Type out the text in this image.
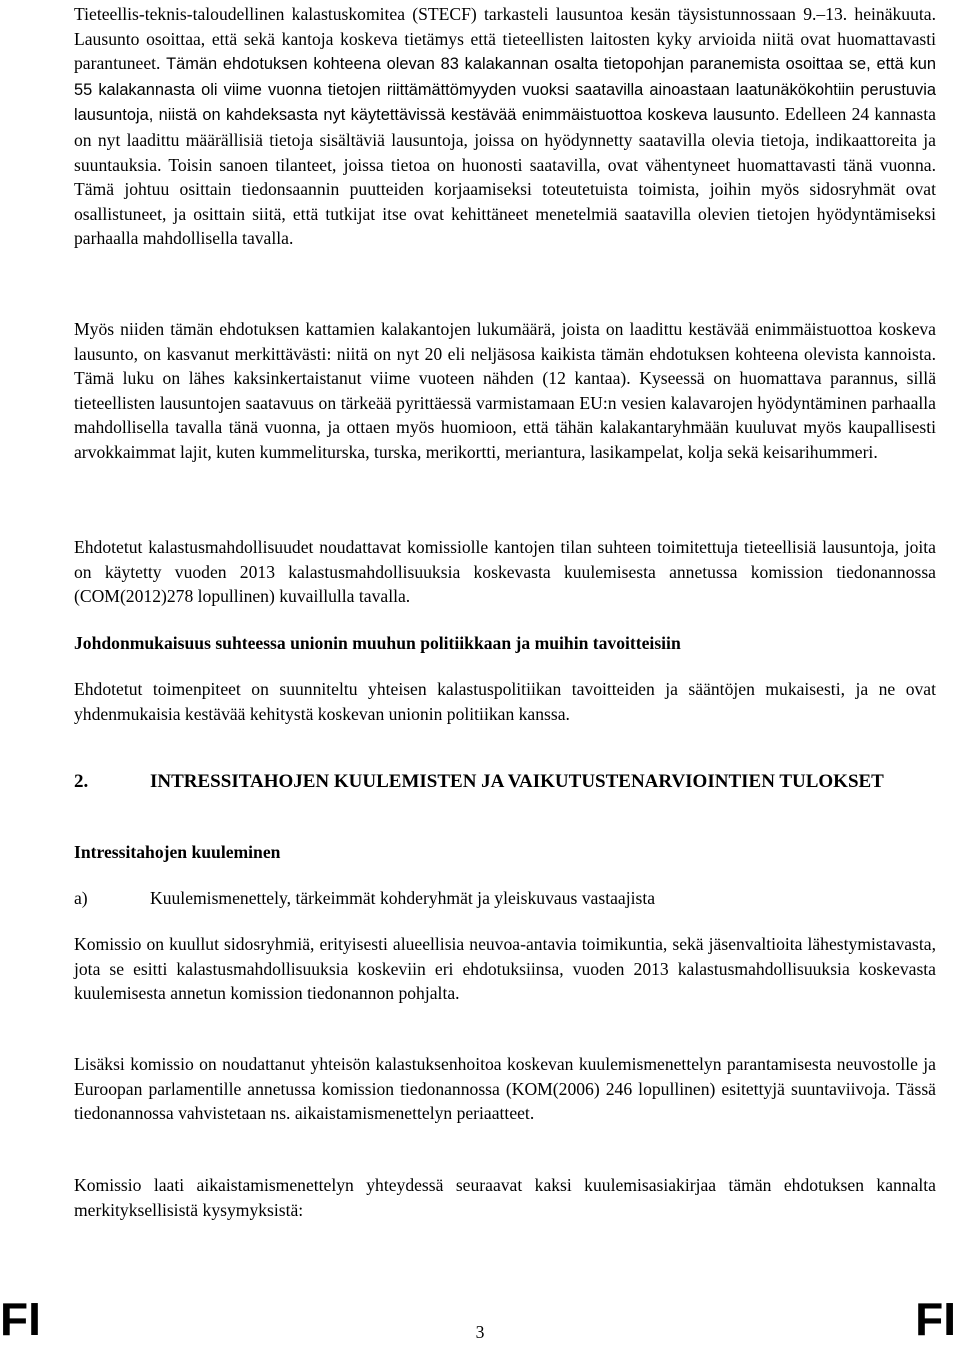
Tieteellis-teknis-taloudellinen kalastuskomitea (STECF) tarkasteli lausuntoa kesän täysistunnossaan 9.–13. heinäkuuta. Lausunto osoittaa, että sekä kantoja koskeva tietämys että tieteellisten laitosten kyky arvioida niitä ovat huomattavasti parantuneet. Tämän ehdotuksen kohteena olevan 83 kalakannan osalta tietopohjan paranemista osoittaa se, että kun 55 kalakannasta oli viime vuonna tietojen riittämättömyyden vuoksi saatavilla ainoastaan laatunäkökohtiin perustuvia lausuntoja, niistä on kahdeksasta nyt käytettävissä kestävää enimmäistuottoa koskeva lausunto. Edelleen 24 kannasta on nyt laadittu määrällisiä tietoja sisältäviä lausuntoja, joissa on hyödynnetty saatavilla olevia tietoja, indikaattoreita ja suuntauksia. Toisin sanoen tilanteet, joissa tietoa on huonosti saatavilla, ovat vähentyneet huomattavasti tänä vuonna. Tämä johtuu osittain tiedonsaannin puutteiden korjaamiseksi toteutetuista toimista, joihin myös sidosryhmät ovat osallistuneet, ja osittain siitä, että tutkijat itse ovat kehittäneet menetelmiä saatavilla olevien tietojen hyödyntämiseksi parhaalla mahdollisella tavalla.

Myös niiden tämän ehdotuksen kattamien kalakantojen lukumäärä, joista on laadittu kestävää enimmäistuottoa koskeva lausunto, on kasvanut merkittävästi: niitä on nyt 20 eli neljäsosa kaikista tämän ehdotuksen kohteena olevista kannoista. Tämä luku on lähes kaksinkertaistanut viime vuoteen nähden (12 kantaa). Kyseessä on huomattava parannus, sillä tieteellisten lausuntojen saatavuus on tärkeää pyrittäessä varmistamaan EU:n vesien kalavarojen hyödyntäminen parhaalla mahdollisella tavalla tänä vuonna, ja ottaen myös huomioon, että tähän kalakantaryhmään kuuluvat myös kaupallisesti arvokkaimmat lajit, kuten kummeliturska, turska, merikortti, meriantura, lasikampelat, kolja sekä keisarihummeri.

Ehdotetut kalastusmahdollisuudet noudattavat komissiolle kantojen tilan suhteen toimitettuja tieteellisiä lausuntoja, joita on käytetty vuoden 2013 kalastusmahdollisuuksia koskevasta kuulemisesta annetussa komission tiedonannossa (COM(2012)278 lopullinen) kuvaillulla tavalla.

Johdonmukaisuus suhteessa unionin muuhun politiikkaan ja muihin tavoitteisiin

Ehdotetut toimenpiteet on suunniteltu yhteisen kalastuspolitiikan tavoitteiden ja sääntöjen mukaisesti, ja ne ovat yhdenmukaisia kestävää kehitystä koskevan unionin politiikan kanssa.

2.	INTRESSITAHOJEN KUULEMISTEN JA VAIKUTUSTENARVIOINTIEN TULOKSET

Intressitahojen kuuleminen

a)	Kuulemismenettely, tärkeimmät kohderyhmät ja yleiskuvaus vastaajista

Komissio on kuullut sidosryhmiä, erityisesti alueellisia neuvoa-antavia toimikuntia, sekä jäsenvaltioita lähestymistavasta, jota se esitti kalastusmahdollisuuksia koskeviin eri ehdotuksiinsa, vuoden 2013 kalastusmahdollisuuksia koskevasta kuulemisesta annetun komission tiedonannon pohjalta.

Lisäksi komissio on noudattanut yhteisön kalastuksenhoitoa koskevan kuulemismenettelyn parantamisesta neuvostolle ja Euroopan parlamentille annetussa komission tiedonannossa (KOM(2006) 246 lopullinen) esitettyjä suuntaviivoja. Tässä tiedonannossa vahvistetaan ns. aikaistamismenettelyn periaatteet.

Komissio laati aikaistamismenettelyn yhteydessä seuraavat kaksi kuulemisasiakirjaa tämän ehdotuksen kannalta merkityksellisistä kysymyksistä:

FI	3	FI
